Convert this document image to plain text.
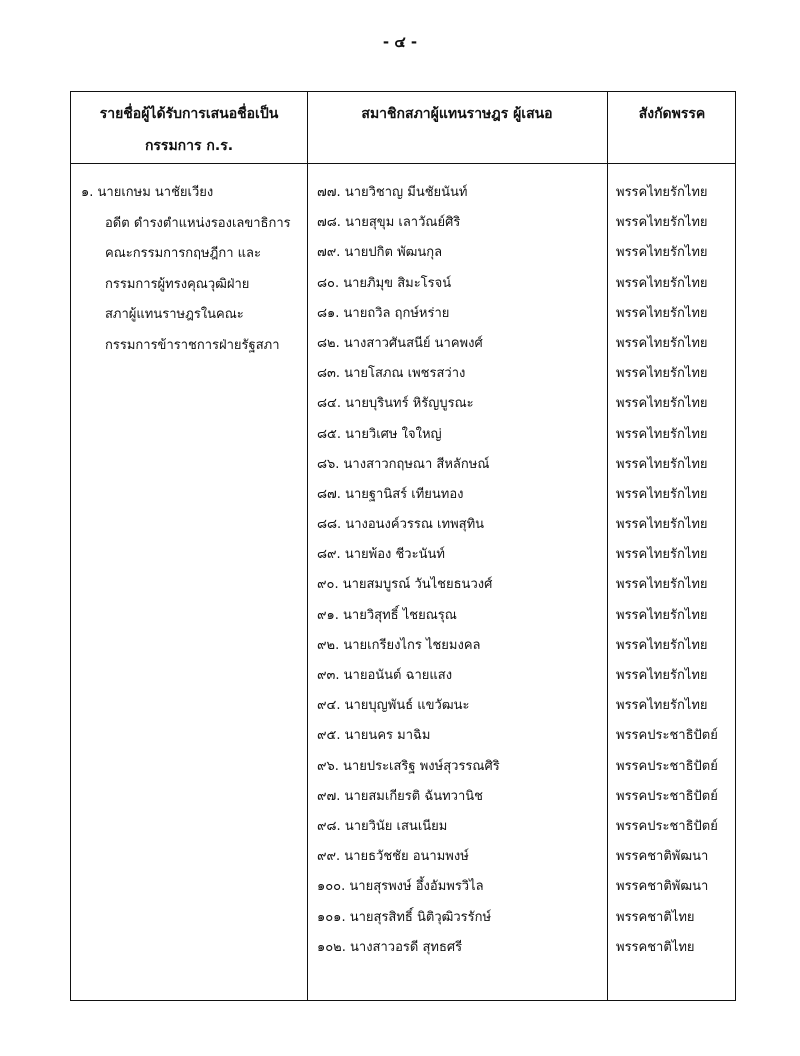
- ๔ -
รายชื่อผู้ได้รับการเสนอชื่อเป็น
กรรมการ ก.ร.
สมาชิกสภาผู้แทนราษฎร ผู้เสนอ	สังกัดพรรค
๑. นายเกษม นาชัยเวียง
อดีต ดำรงตำแหน่งรองเลขาธิการ
คณะกรรมการกฤษฎีกา และ
กรรมการผู้ทรงคุณวุฒิฝ่าย
สภาผู้แทนราษฎรในคณะ
กรรมการข้าราชการฝ่ายรัฐสภา
๗๗. นายวิชาญ มีนชัยนันท์	พรรคไทยรักไทย
๗๘. นายสุขุม เลาวัณย์ศิริ	พรรคไทยรักไทย
๗๙. นายปกิต พัฒนกุล	พรรคไทยรักไทย
๘๐. นายภิมุข สิมะโรจน์	พรรคไทยรักไทย
๘๑. นายถวิล ฤกษ์หร่าย	พรรคไทยรักไทย
๘๒. นางสาวศันสนีย์ นาคพงศ์	พรรคไทยรักไทย
๘๓. นายโสภณ เพชรสว่าง	พรรคไทยรักไทย
๘๔. นายบุรินทร์ หิรัญบูรณะ	พรรคไทยรักไทย
๘๕. นายวิเศษ ใจใหญ่	พรรคไทยรักไทย
๘๖. นางสาวกฤษณา สีหลักษณ์	พรรคไทยรักไทย
๘๗. นายฐานิสร์ เทียนทอง	พรรคไทยรักไทย
๘๘. นางอนงค์วรรณ เทพสุทิน	พรรคไทยรักไทย
๘๙. นายพ้อง ชีวะนันท์	พรรคไทยรักไทย
๙๐. นายสมบูรณ์ วันไชยธนวงศ์	พรรคไทยรักไทย
๙๑. นายวิสุทธิ์ ไชยณรุณ	พรรคไทยรักไทย
๙๒. นายเกรียงไกร ไชยมงคล	พรรคไทยรักไทย
๙๓. นายอนันต์ ฉายแสง	พรรคไทยรักไทย
๙๔. นายบุญพันธ์ แขวัฒนะ	พรรคไทยรักไทย
๙๕. นายนคร มาฉิม	พรรคประชาธิปัตย์
๙๖. นายประเสริฐ พงษ์สุวรรณศิริ	พรรคประชาธิปัตย์
๙๗. นายสมเกียรติ ฉันทวานิช	พรรคประชาธิปัตย์
๙๘. นายวินัย เสนเนียม	พรรคประชาธิปัตย์
๙๙. นายธวัชชัย อนามพงษ์	พรรคชาติพัฒนา
๑๐๐. นายสุรพงษ์ อึ้งอัมพรวิไล	พรรคชาติพัฒนา
๑๐๑. นายสุรสิทธิ์ นิติวุฒิวรรักษ์	พรรคชาติไทย
๑๐๒. นางสาวอรดี สุทธศรี	พรรคชาติไทย
